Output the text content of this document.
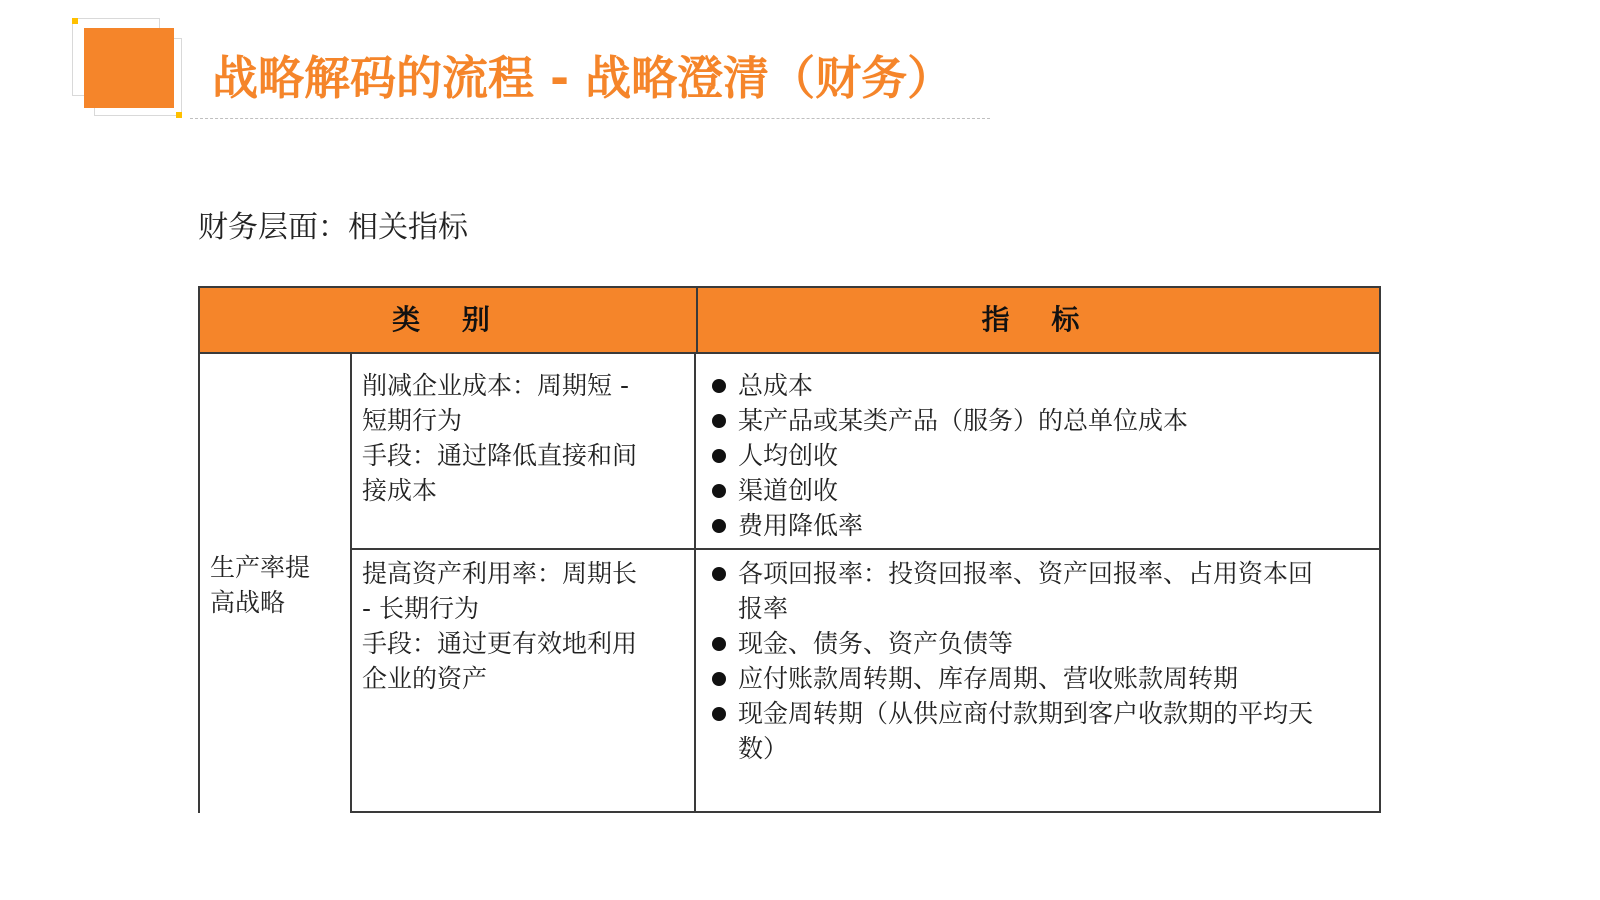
战略解码的流程 - 战略澄清（财务）

财务层面：相关指标

类 别	指 标
生产率提
高战略
削减企业成本：周期短 -
短期行为
手段：通过降低直接和间
接成本
总成本
某产品或某类产品（服务）的总单位成本
人均创收
渠道创收
费用降低率
提高资产利用率：周期长
- 长期行为
手段：通过更有效地利用
企业的资产
各项回报率：投资回报率、资产回报率、占用资本回
报率
现金、债务、资产负债等
应付账款周转期、库存周期、营收账款周转期
现金周转期（从供应商付款期到客户收款期的平均天
数）
